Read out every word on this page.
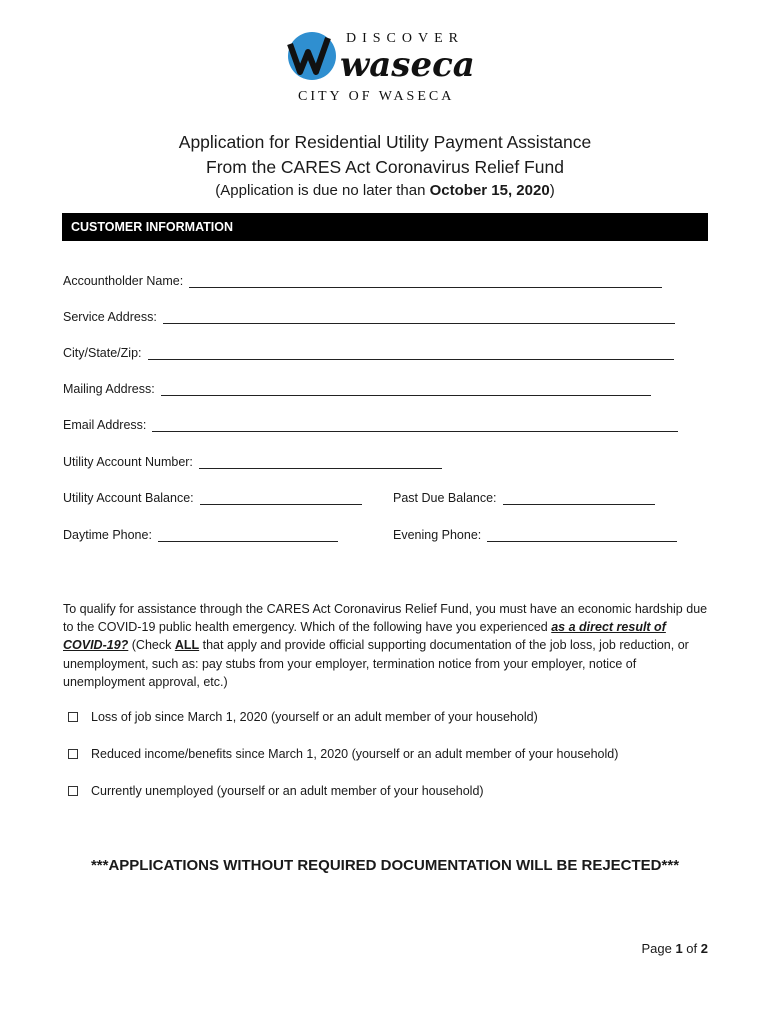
DISCOVER
waseca
CITY OF WASECA
Application for Residential Utility Payment Assistance
From the CARES Act Coronavirus Relief Fund
(Application is due no later than October 15, 2020)
CUSTOMER INFORMATION
Accountholder Name:
Service Address:
City/State/Zip:
Mailing Address:
Email Address:
Utility Account Number:
Utility Account Balance:	Past Due Balance:
Daytime Phone:	Evening Phone:
To qualify for assistance through the CARES Act Coronavirus Relief Fund, you must have an economic hardship due to the COVID-19 public health emergency. Which of the following have you experienced as a direct result of COVID-19? (Check ALL that apply and provide official supporting documentation of the job loss, job reduction, or unemployment, such as: pay stubs from your employer, termination notice from your employer, notice of unemployment approval, etc.)
Loss of job since March 1, 2020 (yourself or an adult member of your household)
Reduced income/benefits since March 1, 2020 (yourself or an adult member of your household)
Currently unemployed (yourself or an adult member of your household)
***APPLICATIONS WITHOUT REQUIRED DOCUMENTATION WILL BE REJECTED***
Page 1 of 2
